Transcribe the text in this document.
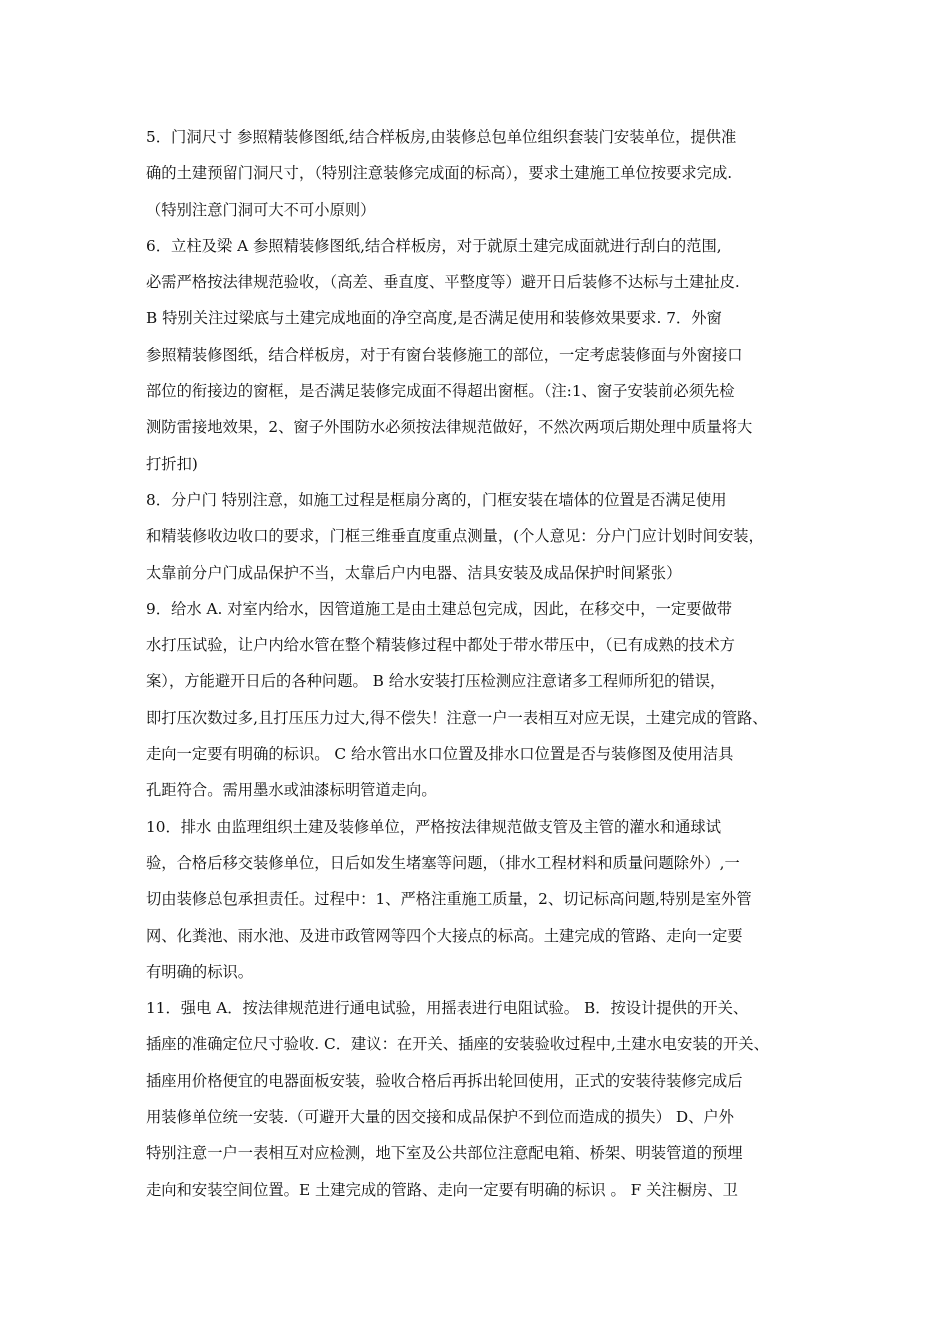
5．门洞尺寸 参照精装修图纸,结合样板房,由装修总包单位组织套装门安装单位，提供准
确的土建预留门洞尺寸，（特别注意装修完成面的标高），要求土建施工单位按要求完成.
（特别注意门洞可大不可小原则）
6．立柱及梁 A 参照精装修图纸,结合样板房，对于就原土建完成面就进行刮白的范围,
必需严格按法律规范验收，（高差、垂直度、平整度等）避开日后装修不达标与土建扯皮.
B 特别关注过梁底与土建完成地面的净空高度,是否满足使用和装修效果要求. 7．外窗
参照精装修图纸，结合样板房，对于有窗台装修施工的部位，一定考虑装修面与外窗接口
部位的衔接边的窗框，是否满足装修完成面不得超出窗框。（注:1、窗子安装前必须先检
测防雷接地效果，2、窗子外围防水必须按法律规范做好，不然次两项后期处理中质量将大
打折扣)
8．分户门 特别注意，如施工过程是框扇分离的，门框安装在墙体的位置是否满足使用
和精装修收边收口的要求，门框三维垂直度重点测量，(个人意见：分户门应计划时间安装，
太靠前分户门成品保护不当，太靠后户内电器、洁具安装及成品保护时间紧张）
9．给水 A. 对室内给水，因管道施工是由土建总包完成，因此，在移交中，一定要做带
水打压试验，让户内给水管在整个精装修过程中都处于带水带压中，（已有成熟的技术方
案），方能避开日后的各种问题。 B 给水安装打压检测应注意诸多工程师所犯的错误，
即打压次数过多,且打压压力过大,得不偿失！注意一户一表相互对应无误，土建完成的管路、
走向一定要有明确的标识。 C 给水管出水口位置及排水口位置是否与装修图及使用洁具
孔距符合。需用墨水或油漆标明管道走向。
10．排水 由监理组织土建及装修单位，严格按法律规范做支管及主管的灌水和通球试
验，合格后移交装修单位，日后如发生堵塞等问题，（排水工程材料和质量问题除外）,一
切由装修总包承担责任。过程中：1、严格注重施工质量，2、切记标高问题,特别是室外管
网、化粪池、雨水池、及进市政管网等四个大接点的标高。土建完成的管路、走向一定要
有明确的标识。
11．强电 A．按法律规范进行通电试验，用摇表进行电阻试验。 B．按设计提供的开关、
插座的准确定位尺寸验收. C．建议：在开关、插座的安装验收过程中,土建水电安装的开关、
插座用价格便宜的电器面板安装，验收合格后再拆出轮回使用，正式的安装待装修完成后
用装修单位统一安装.（可避开大量的因交接和成品保护不到位而造成的损失） D、户外
特别注意一户一表相互对应检测，地下室及公共部位注意配电箱、桥架、明装管道的预埋
走向和安装空间位置。E 土建完成的管路、走向一定要有明确的标识 。 F 关注橱房、卫
